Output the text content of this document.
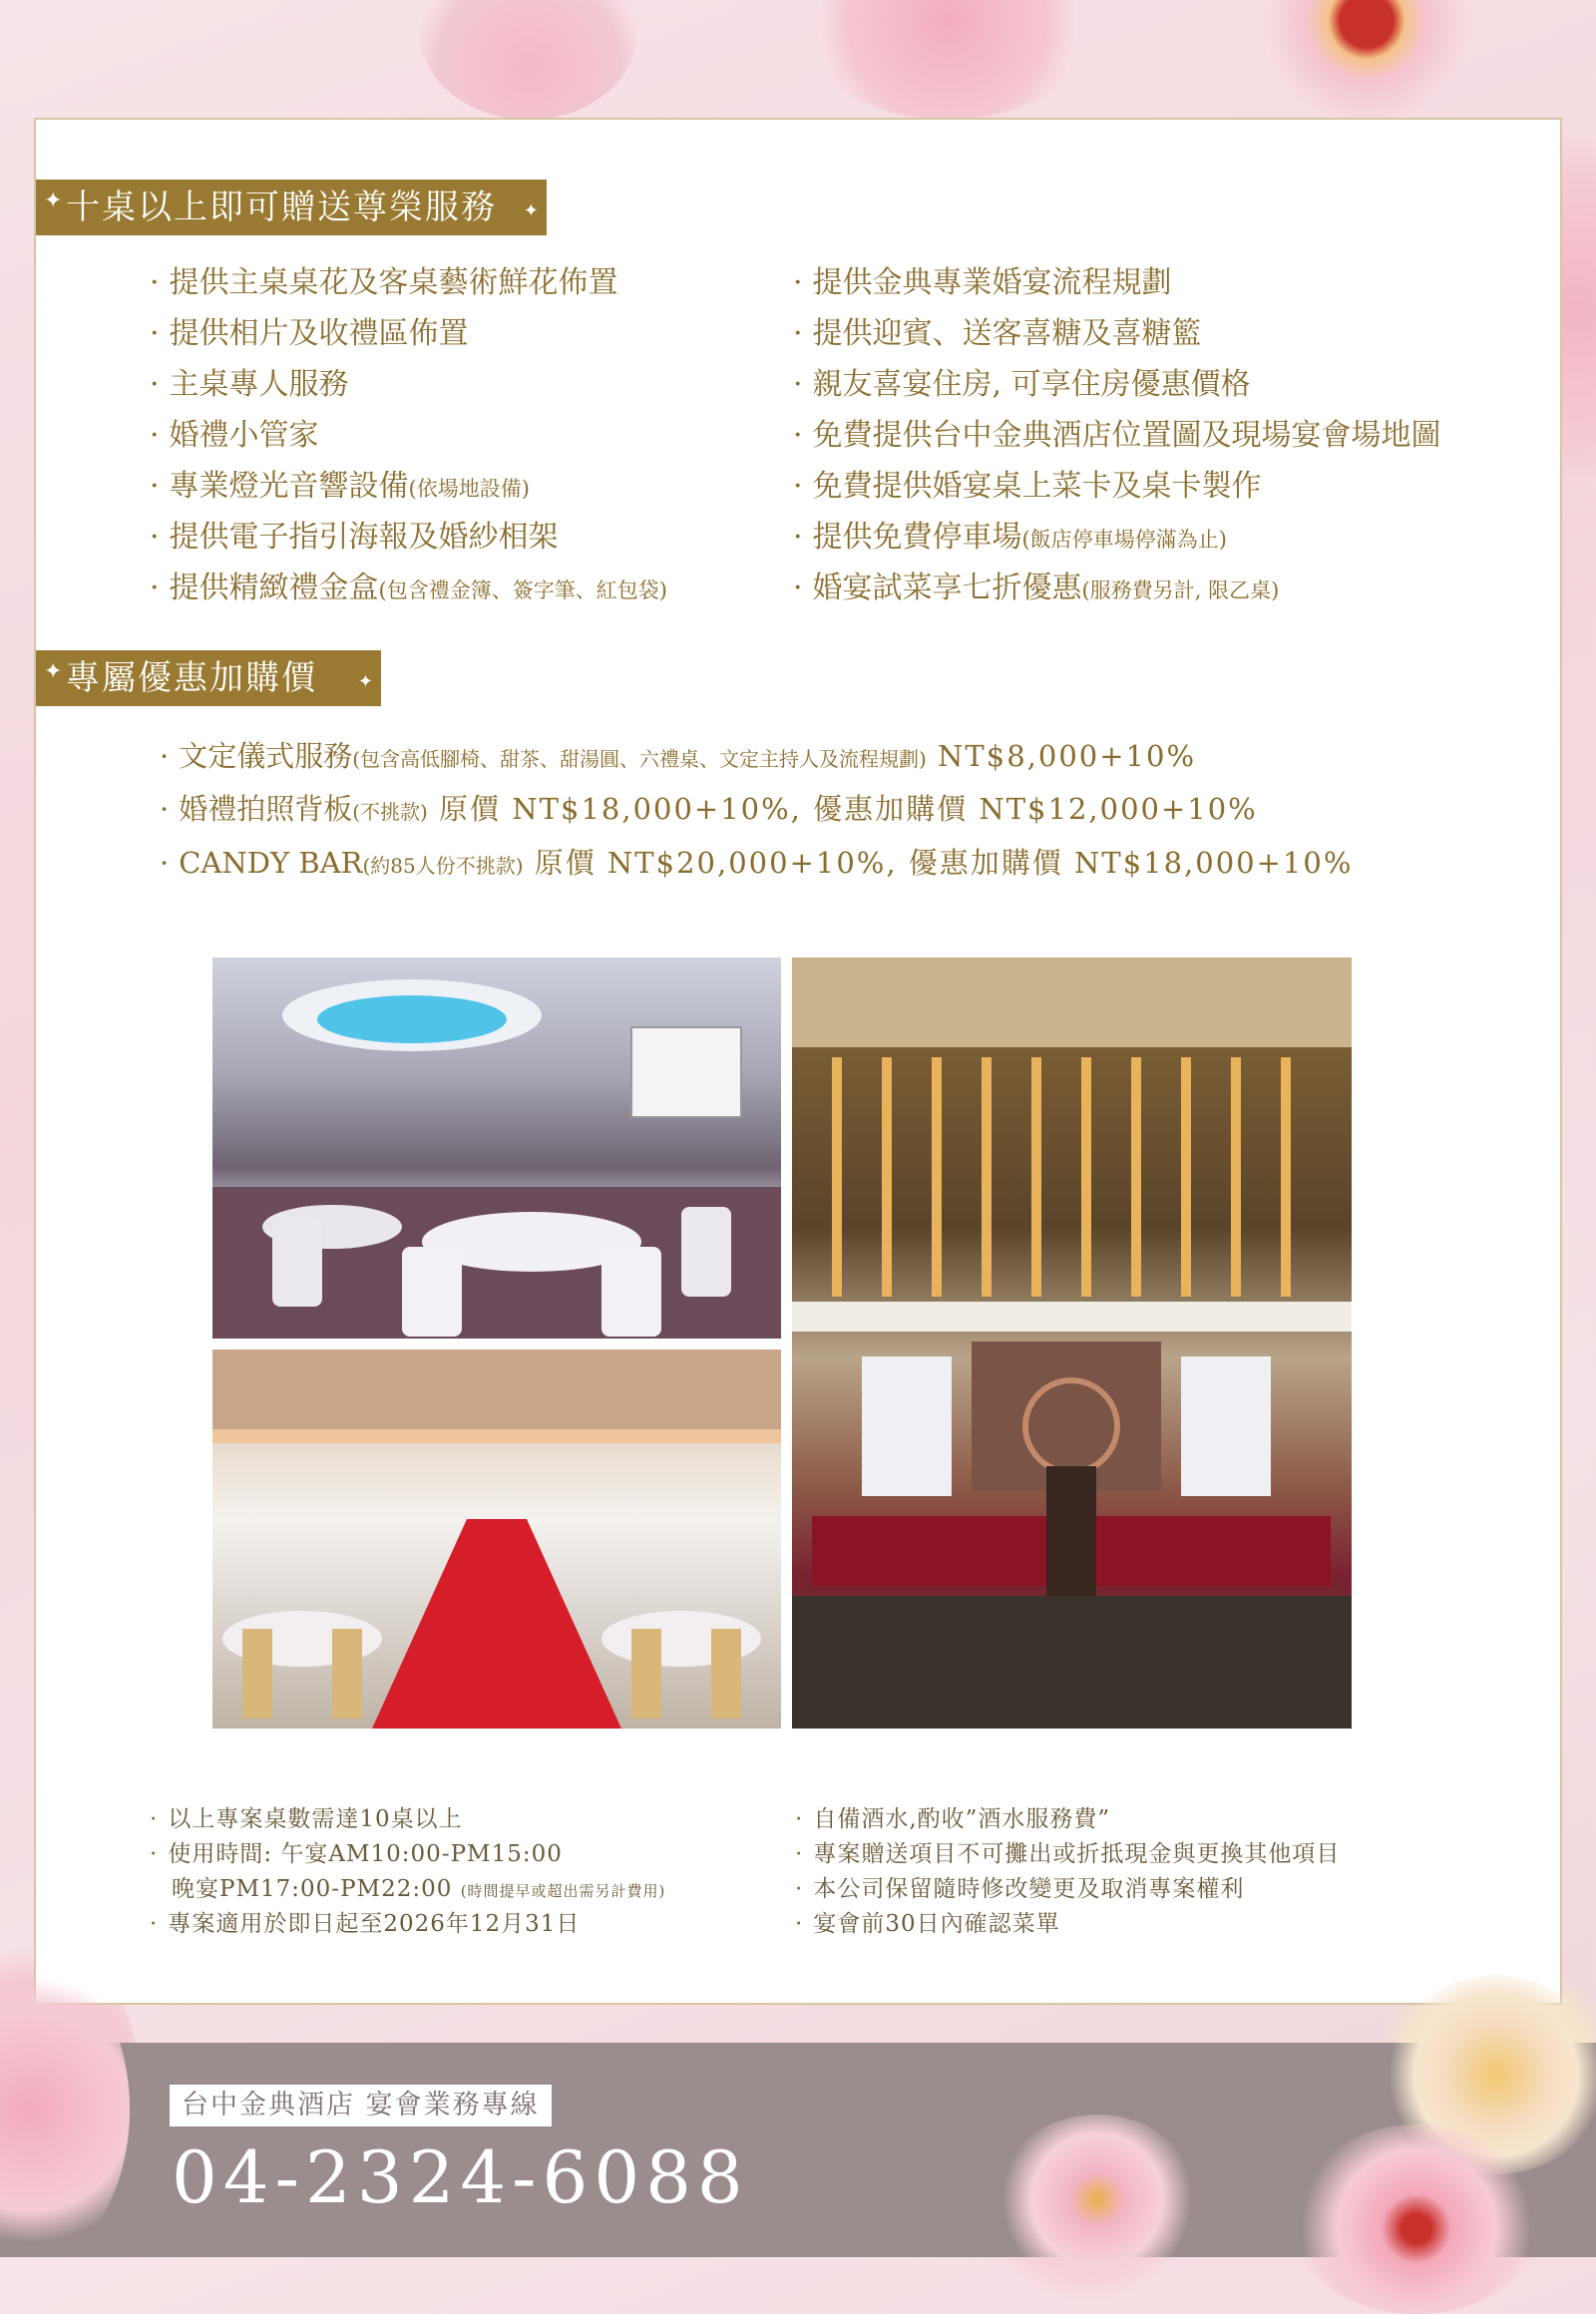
✦ 十桌以上即可贈送尊榮服務 ✦
· 提供主桌桌花及客桌藝術鮮花佈置
· 提供相片及收禮區佈置
· 主桌專人服務
· 婚禮小管家
· 專業燈光音響設備(依場地設備)
· 提供電子指引海報及婚紗相架
· 提供精緻禮金盒(包含禮金簿、簽字筆、紅包袋)
· 提供金典專業婚宴流程規劃
· 提供迎賓、送客喜糖及喜糖籃
· 親友喜宴住房, 可享住房優惠價格
· 免費提供台中金典酒店位置圖及現場宴會場地圖
· 免費提供婚宴桌上菜卡及桌卡製作
· 提供免費停車場(飯店停車場停滿為止)
· 婚宴試菜享七折優惠(服務費另計, 限乙桌)
✦ 專屬優惠加購價 ✦
· 文定儀式服務(包含高低腳椅、甜茶、甜湯圓、六禮桌、文定主持人及流程規劃) NT$8,000+10%
· 婚禮拍照背板(不挑款) 原價 NT$18,000+10%, 優惠加購價 NT$12,000+10%
· CANDY BAR(約85人份不挑款) 原價 NT$20,000+10%, 優惠加購價 NT$18,000+10%
· 以上專案桌數需達10桌以上
· 使用時間: 午宴AM10:00-PM15:00
晚宴PM17:00-PM22:00 (時間提早或超出需另計費用)
· 專案適用於即日起至2026年12月31日
· 自備酒水,酌收”酒水服務費”
· 專案贈送項目不可攤出或折抵現金與更換其他項目
· 本公司保留隨時修改變更及取消專案權利
· 宴會前30日內確認菜單
台中金典酒店 宴會業務專線
04-2324-6088
